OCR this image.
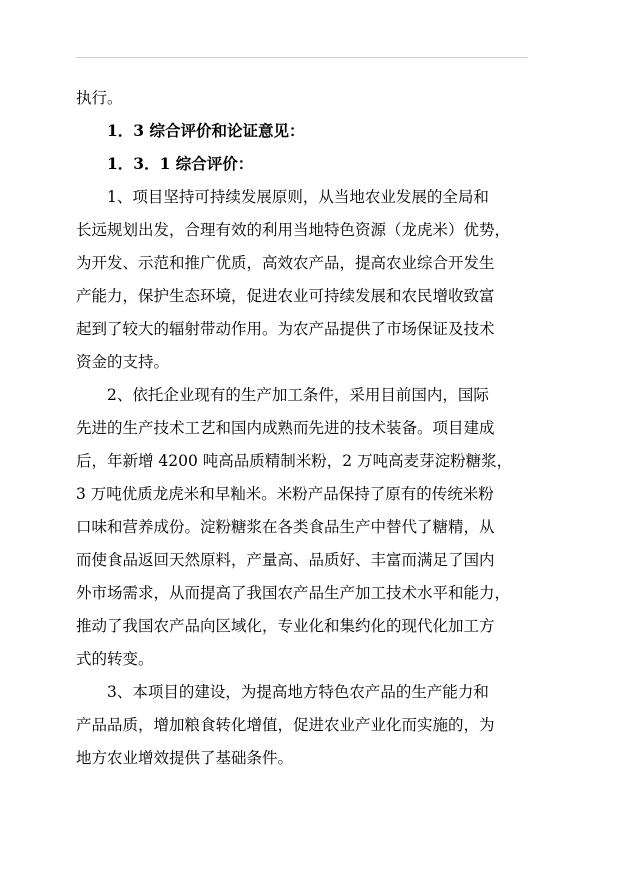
执行。
1．3 综合评价和论证意见：
1．3．1 综合评价：
1、项目坚持可持续发展原则，从当地农业发展的全局和
长远规划出发，合理有效的利用当地特色资源（龙虎米）优势，
为开发、示范和推广优质，高效农产品，提高农业综合开发生
产能力，保护生态环境，促进农业可持续发展和农民增收致富
起到了较大的辐射带动作用。为农产品提供了市场保证及技术
资金的支持。
2、依托企业现有的生产加工条件，采用目前国内，国际
先进的生产技术工艺和国内成熟而先进的技术装备。项目建成
后，年新增 4200 吨高品质精制米粉，2 万吨高麦芽淀粉糖浆，
3 万吨优质龙虎米和早籼米。米粉产品保持了原有的传统米粉
口味和营养成份。淀粉糖浆在各类食品生产中替代了糖精，从
而使食品返回天然原料，产量高、品质好、丰富而满足了国内
外市场需求，从而提高了我国农产品生产加工技术水平和能力，
推动了我国农产品向区域化，专业化和集约化的现代化加工方
式的转变。
3、本项目的建设，为提高地方特色农产品的生产能力和
产品品质，增加粮食转化增值，促进农业产业化而实施的，为
地方农业增效提供了基础条件。
